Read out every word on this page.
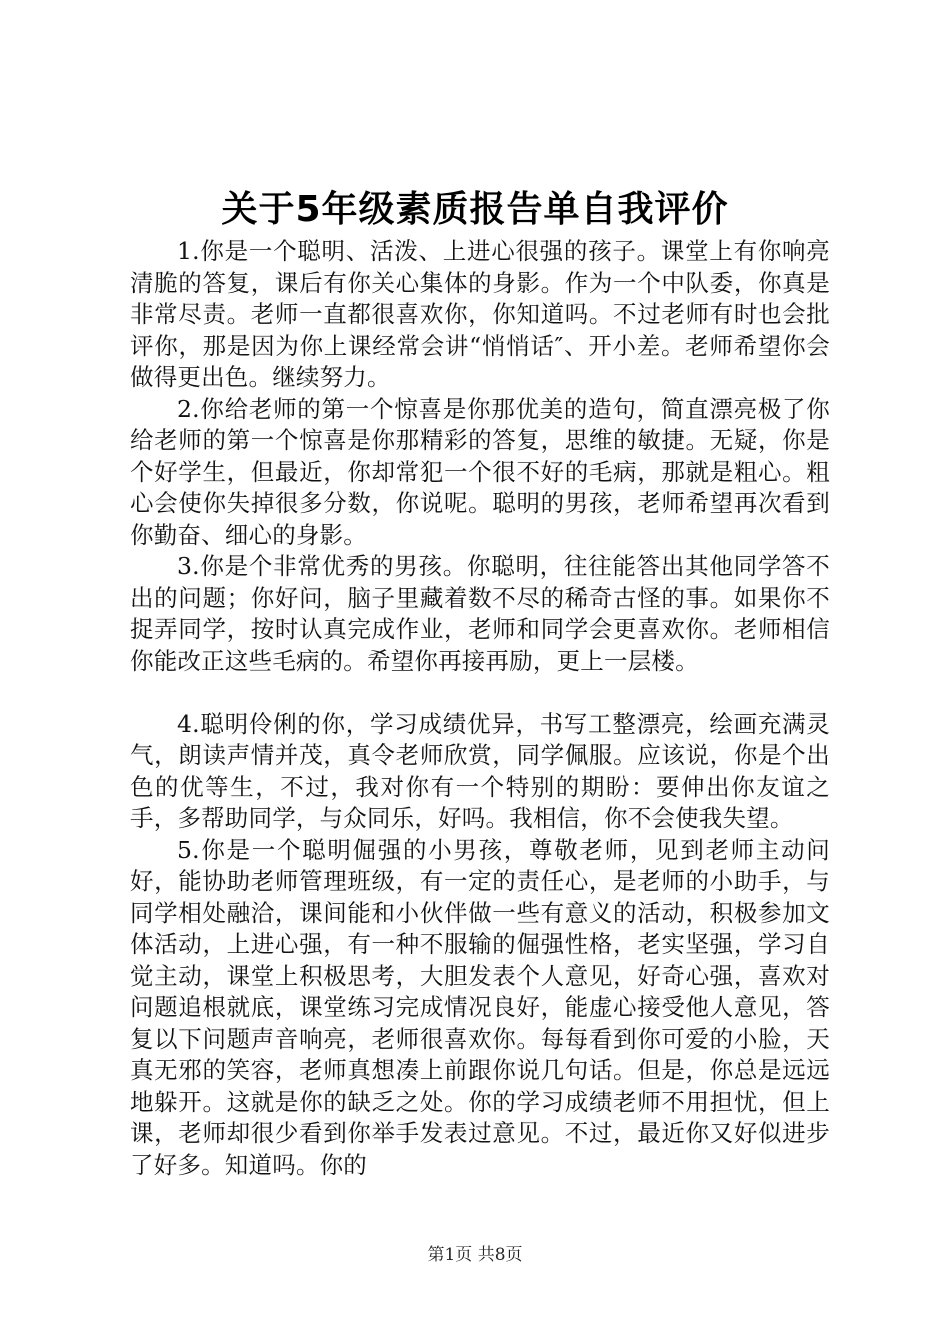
关于5年级素质报告单自我评价

1.你是一个聪明、活泼、上进心很强的孩子。课堂上有你响亮清脆的答复，课后有你关心集体的身影。作为一个中队委，你真是非常尽责。老师一直都很喜欢你，你知道吗。不过老师有时也会批评你，那是因为你上课经常会讲“悄悄话″、开小差。老师希望你会做得更出色。继续努力。

2.你给老师的第一个惊喜是你那优美的造句，简直漂亮极了你给老师的第一个惊喜是你那精彩的答复，思维的敏捷。无疑，你是个好学生，但最近，你却常犯一个很不好的毛病，那就是粗心。粗心会使你失掉很多分数，你说呢。聪明的男孩，老师希望再次看到你勤奋、细心的身影。

3.你是个非常优秀的男孩。你聪明，往往能答出其他同学答不出的问题；你好问，脑子里藏着数不尽的稀奇古怪的事。如果你不捉弄同学，按时认真完成作业，老师和同学会更喜欢你。老师相信你能改正这些毛病的。希望你再接再励，更上一层楼。

4.聪明伶俐的你，学习成绩优异，书写工整漂亮，绘画充满灵气，朗读声情并茂，真令老师欣赏，同学佩服。应该说，你是个出色的优等生，不过，我对你有一个特别的期盼：要伸出你友谊之手，多帮助同学，与众同乐，好吗。我相信，你不会使我失望。

5.你是一个聪明倔强的小男孩，尊敬老师，见到老师主动问好，能协助老师管理班级，有一定的责任心，是老师的小助手，与同学相处融洽，课间能和小伙伴做一些有意义的活动，积极参加文体活动，上进心强，有一种不服输的倔强性格，老实坚强，学习自觉主动，课堂上积极思考，大胆发表个人意见，好奇心强，喜欢对问题追根就底，课堂练习完成情况良好，能虚心接受他人意见，答复以下问题声音响亮，老师很喜欢你。每每看到你可爱的小脸，天真无邪的笑容，老师真想凑上前跟你说几句话。但是，你总是远远地躲开。这就是你的缺乏之处。你的学习成绩老师不用担忧，但上课，老师却很少看到你举手发表过意见。不过，最近你又好似进步了好多。知道吗。你的

第1页 共8页
